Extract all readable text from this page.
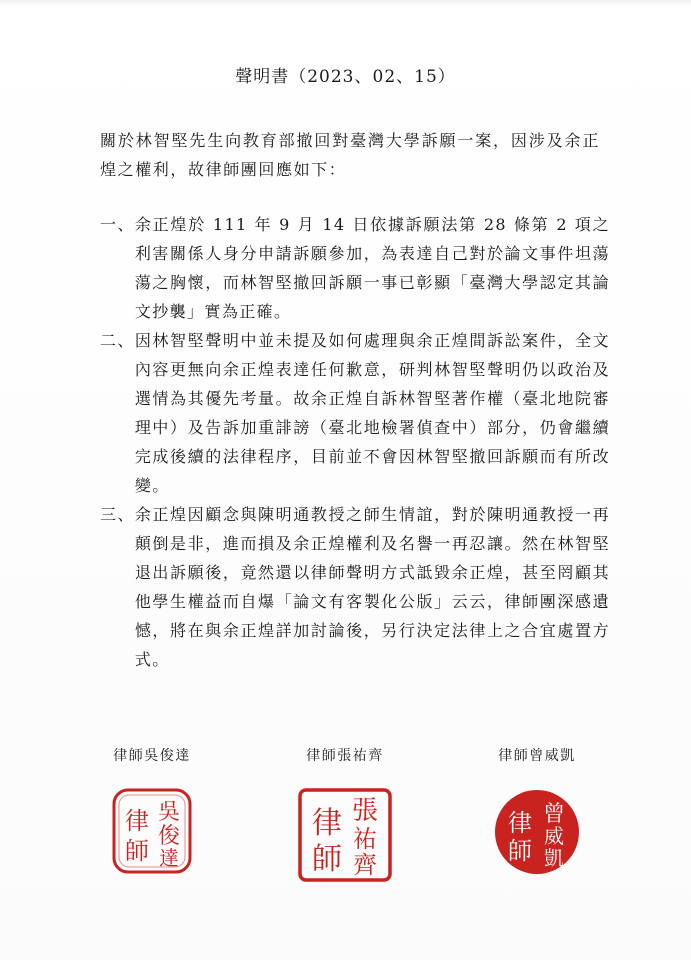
聲明書（2023、02、15）
關於林智堅先生向教育部撤回對臺灣大學訴願一案，因涉及余正煌之權利，故律師團回應如下：
一、 余正煌於 111 年 9 月 14 日依據訴願法第 28 條第 2 項之利害關係人身分申請訴願參加，為表達自己對於論文事件坦蕩蕩之胸懷，而林智堅撤回訴願一事已彰顯「臺灣大學認定其論文抄襲」實為正確。
二、 因林智堅聲明中並未提及如何處理與余正煌間訴訟案件，全文內容更無向余正煌表達任何歉意，研判林智堅聲明仍以政治及選情為其優先考量。故余正煌自訴林智堅著作權（臺北地院審理中）及告訴加重誹謗（臺北地檢署偵查中）部分，仍會繼續完成後續的法律程序，目前並不會因林智堅撤回訴願而有所改變。
三、 余正煌因顧念與陳明通教授之師生情誼，對於陳明通教授一再顛倒是非，進而損及余正煌權利及名譽一再忍讓。然在林智堅退出訴願後，竟然還以律師聲明方式詆毀余正煌，甚至罔顧其他學生權益而自爆「論文有客製化公版」云云，律師團深感遺憾，將在與余正煌詳加討論後，另行決定法律上之合宜處置方式。
律師吳俊達
吳
俊
達
律
師
律師張祐齊
張
祐
齊
律
師
律師曾威凱
曾
威
凱
律
師
